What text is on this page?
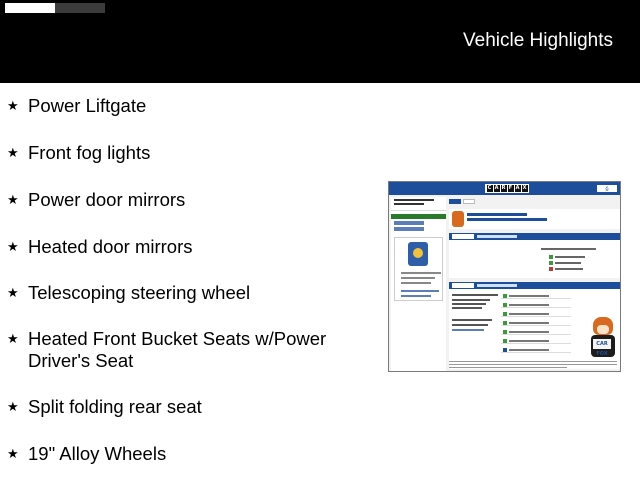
Vehicle Highlights
★ Power Liftgate
★ Front fog lights
★ Power door mirrors
★ Heated door mirrors
★ Telescoping steering wheel
★ Heated Front Bucket Seats w/Power Driver's Seat
★ Split folding rear seat
★ 19" Alloy Wheels
C A R F A X	⎙
CAR FOX
